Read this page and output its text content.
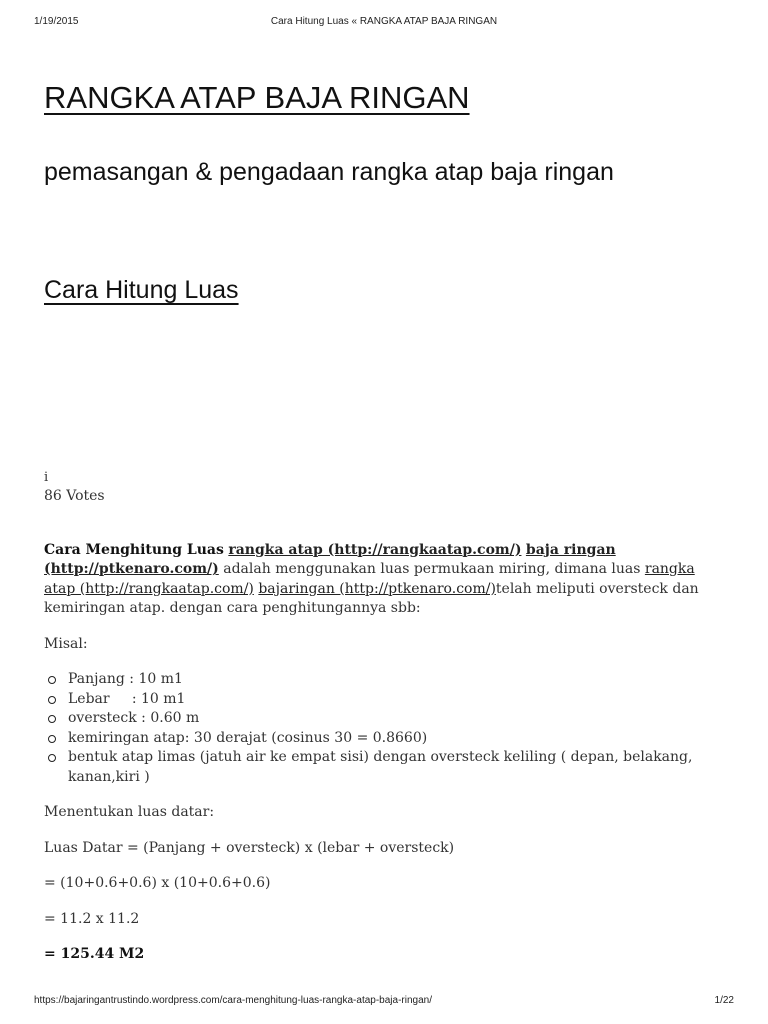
1/19/2015	Cara Hitung Luas « RANGKA ATAP BAJA RINGAN
RANGKA ATAP BAJA RINGAN
pemasangan & pengadaan rangka atap baja ringan
Cara Hitung Luas
i
86 Votes

Cara Menghitung Luas rangka atap (http://rangkaatap.com/) baja ringan (http://ptkenaro.com/) adalah menggunakan luas permukaan miring, dimana luas rangka atap (http://rangkaatap.com/) bajaringan (http://ptkenaro.com/)telah meliputi oversteck dan kemiringan atap. dengan cara penghitungannya sbb:

Misal:

Panjang : 10 m1
Lebar     : 10 m1
oversteck : 0.60 m
kemiringan atap: 30 derajat (cosinus 30 = 0.8660)
bentuk atap limas (jatuh air ke empat sisi) dengan oversteck keliling ( depan, belakang, kanan,kiri )

Menentukan luas datar:

Luas Datar = (Panjang + oversteck) x (lebar + oversteck)

= (10+0.6+0.6) x (10+0.6+0.6)

= 11.2 x 11.2

= 125.44 M2

https://bajaringantrustindo.wordpress.com/cara-menghitung-luas-rangka-atap-baja-ringan/	1/22
